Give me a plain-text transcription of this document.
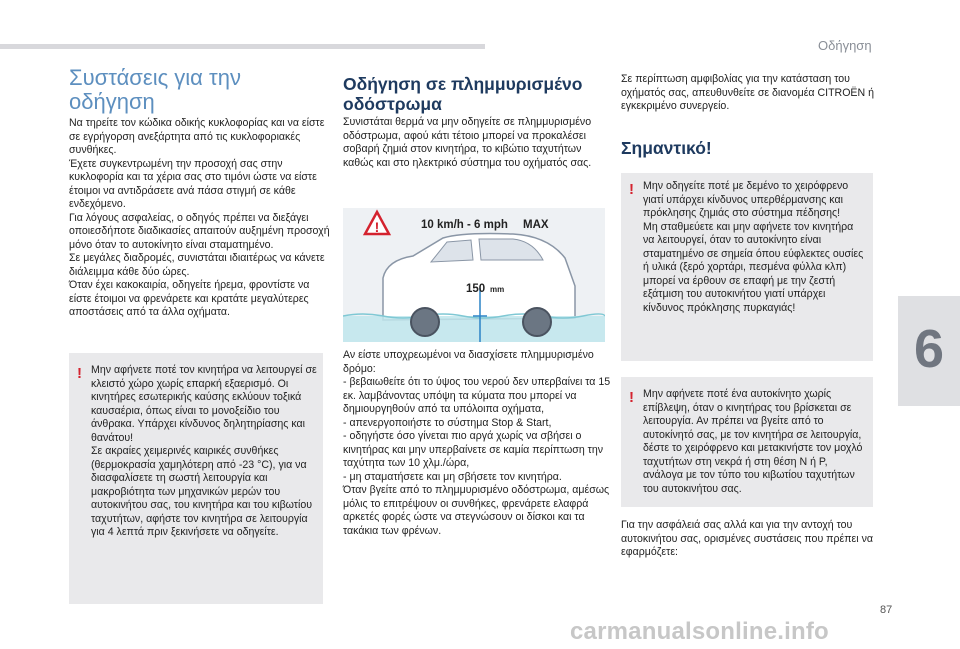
Οδήγηση
6
Συστάσεις για την οδήγηση

Να τηρείτε τον κώδικα οδικής κυκλοφορίας και να είστε σε εγρήγορση ανεξάρτητα από τις κυκλοφοριακές συνθήκες.
Έχετε συγκεντρωμένη την προσοχή σας στην κυκλοφορία και τα χέρια σας στο τιμόνι ώστε να είστε έτοιμοι να αντιδράσετε ανά πάσα στιγμή σε κάθε ενδεχόμενο.
Για λόγους ασφαλείας, ο οδηγός πρέπει να διεξάγει οποιεσδήποτε διαδικασίες απαιτούν αυξημένη προσοχή μόνο όταν το αυτοκίνητο είναι σταματημένο.
Σε μεγάλες διαδρομές, συνιστάται ιδιαιτέρως να κάνετε διάλειμμα κάθε δύο ώρες.
Όταν έχει κακοκαιρία, οδηγείτε ήρεμα, φροντίστε να είστε έτοιμοι να φρενάρετε και κρατάτε μεγαλύτερες αποστάσεις από τα άλλα οχήματα.

! Μην αφήνετε ποτέ τον κινητήρα να λειτουργεί σε κλειστό χώρο χωρίς επαρκή εξαερισμό. Οι κινητήρες εσωτερικής καύσης εκλύουν τοξικά καυσαέρια, όπως είναι το μονοξείδιο του άνθρακα. Υπάρχει κίνδυνος δηλητηρίασης και θανάτου!
Σε ακραίες χειμερινές καιρικές συνθήκες (θερμοκρασία χαμηλότερη από -23 °C), για να διασφαλίσετε τη σωστή λειτουργία και μακροβιότητα των μηχανικών μερών του αυτοκινήτου σας, του κινητήρα και του κιβωτίου ταχυτήτων, αφήστε τον κινητήρα σε λειτουργία για 4 λεπτά πριν ξεκινήσετε να οδηγείτε.

Οδήγηση σε πλημμυρισμένο οδόστρωμα

Συνιστάται θερμά να μην οδηγείτε σε πλημμυρισμένο οδόστρωμα, αφού κάτι τέτοιο μπορεί να προκαλέσει σοβαρή ζημιά στον κινητήρα, το κιβώτιο ταχυτήτων καθώς και στο ηλεκτρικό σύστημα του οχήματός σας.

!	10 km/h - 6 mph MAX
150 mm

Αν είστε υποχρεωμένοι να διασχίσετε πλημμυρισμένο δρόμο:
- βεβαιωθείτε ότι το ύψος του νερού δεν υπερβαίνει τα 15 εκ. λαμβάνοντας υπόψη τα κύματα που μπορεί να δημιουργηθούν από τα υπόλοιπα οχήματα,
- απενεργοποιήστε το σύστημα Stop & Start,
- οδηγήστε όσο γίνεται πιο αργά χωρίς να σβήσει ο κινητήρας και μην υπερβαίνετε σε καμία περίπτωση την ταχύτητα των 10 χλμ./ώρα,
- μη σταματήσετε και μη σβήσετε τον κινητήρα.
Όταν βγείτε από το πλημμυρισμένο οδόστρωμα, αμέσως μόλις το επιτρέψουν οι συνθήκες, φρενάρετε ελαφρά αρκετές φορές ώστε να στεγνώσουν οι δίσκοι και τα τακάκια των φρένων.

Σε περίπτωση αμφιβολίας για την κατάσταση του οχήματός σας, απευθυνθείτε σε διανομέα CITROËN ή εγκεκριμένο συνεργείο.

Σημαντικό!
! Μην οδηγείτε ποτέ με δεμένο το χειρόφρενο γιατί υπάρχει κίνδυνος υπερθέρμανσης και πρόκλησης ζημιάς στο σύστημα πέδησης!
Μη σταθμεύετε και μην αφήνετε τον κινητήρα να λειτουργεί, όταν το αυτοκίνητο είναι σταματημένο σε σημεία όπου εύφλεκτες ουσίες ή υλικά (ξερό χορτάρι, πεσμένα φύλλα κλπ) μπορεί να έρθουν σε επαφή με την ζεστή εξάτμιση του αυτοκινήτου γιατί υπάρχει κίνδυνος πρόκλησης πυρκαγιάς!

! Μην αφήνετε ποτέ ένα αυτοκίνητο χωρίς επίβλεψη, όταν ο κινητήρας του βρίσκεται σε λειτουργία. Αν πρέπει να βγείτε από το αυτοκίνητό σας, με τον κινητήρα σε λειτουργία, δέστε το χειρόφρενο και μετακινήστε τον μοχλό ταχυτήτων στη νεκρά ή στη θέση N ή P, ανάλογα με τον τύπο του κιβωτίου ταχυτήτων του αυτοκινήτου σας.

Για την ασφάλειά σας αλλά και για την αντοχή του αυτοκινήτου σας, ορισμένες συστάσεις που πρέπει να εφαρμόζετε:

87
carmanualsonline.info
